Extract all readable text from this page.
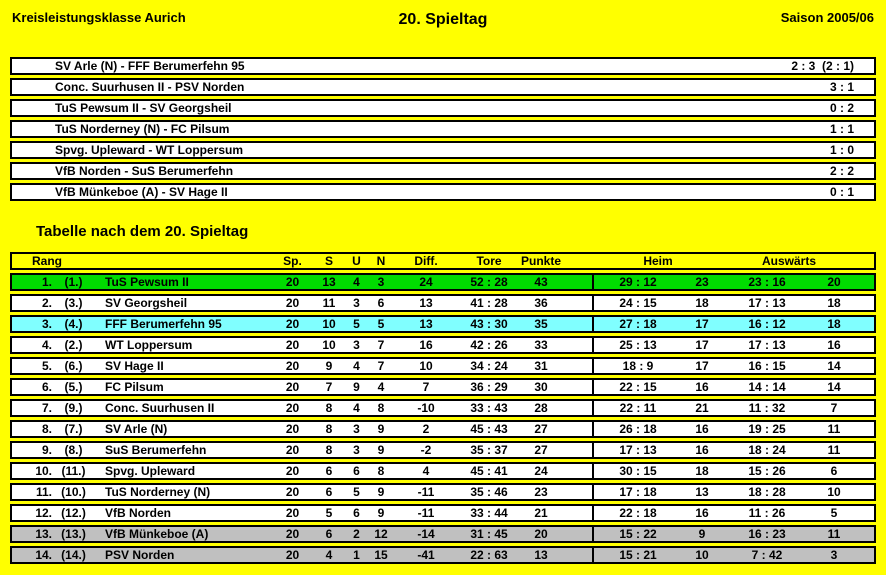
Kreisleistungsklasse Aurich	20. Spieltag	Saison 2005/06
SV Arle (N) - FFF Berumerfehn 95	2 : 3  (2 : 1)
Conc. Suurhusen II - PSV Norden	3 : 1
TuS Pewsum II - SV Georgsheil	0 : 2
TuS Norderney (N) - FC Pilsum	1 : 1
Spvg. Upleward - WT Loppersum	1 : 0
VfB Norden - SuS Berumerfehn	2 : 2
VfB Münkeboe (A) - SV Hage II	0 : 1
Tabelle nach dem 20. Spieltag
Rang	Sp.	S	U	N	Diff.	Tore	Punkte	Heim	Auswärts
1.	(1.)	TuS Pewsum II	20	13	4	3	24	52 : 28	43	29 : 12	23	23 : 16	20
2.	(3.)	SV Georgsheil	20	11	3	6	13	41 : 28	36	24 : 15	18	17 : 13	18
3.	(4.)	FFF Berumerfehn 95	20	10	5	5	13	43 : 30	35	27 : 18	17	16 : 12	18
4.	(2.)	WT Loppersum	20	10	3	7	16	42 : 26	33	25 : 13	17	17 : 13	16
5.	(6.)	SV Hage II	20	9	4	7	10	34 : 24	31	18 : 9	17	16 : 15	14
6.	(5.)	FC Pilsum	20	7	9	4	7	36 : 29	30	22 : 15	16	14 : 14	14
7.	(9.)	Conc. Suurhusen II	20	8	4	8	-10	33 : 43	28	22 : 11	21	11 : 32	7
8.	(7.)	SV Arle (N)	20	8	3	9	2	45 : 43	27	26 : 18	16	19 : 25	11
9.	(8.)	SuS Berumerfehn	20	8	3	9	-2	35 : 37	27	17 : 13	16	18 : 24	11
10. (11.)	Spvg. Upleward	20	6	6	8	4	45 : 41	24	30 : 15	18	15 : 26	6
11. (10.)	TuS Norderney (N)	20	6	5	9	-11	35 : 46	23	17 : 18	13	18 : 28	10
12. (12.)	VfB Norden	20	5	6	9	-11	33 : 44	21	22 : 18	16	11 : 26	5
13. (13.)	VfB Münkeboe (A)	20	6	2	12	-14	31 : 45	20	15 : 22	9	16 : 23	11
14. (14.)	PSV Norden	20	4	1	15	-41	22 : 63	13	15 : 21	10	7 : 42	3
